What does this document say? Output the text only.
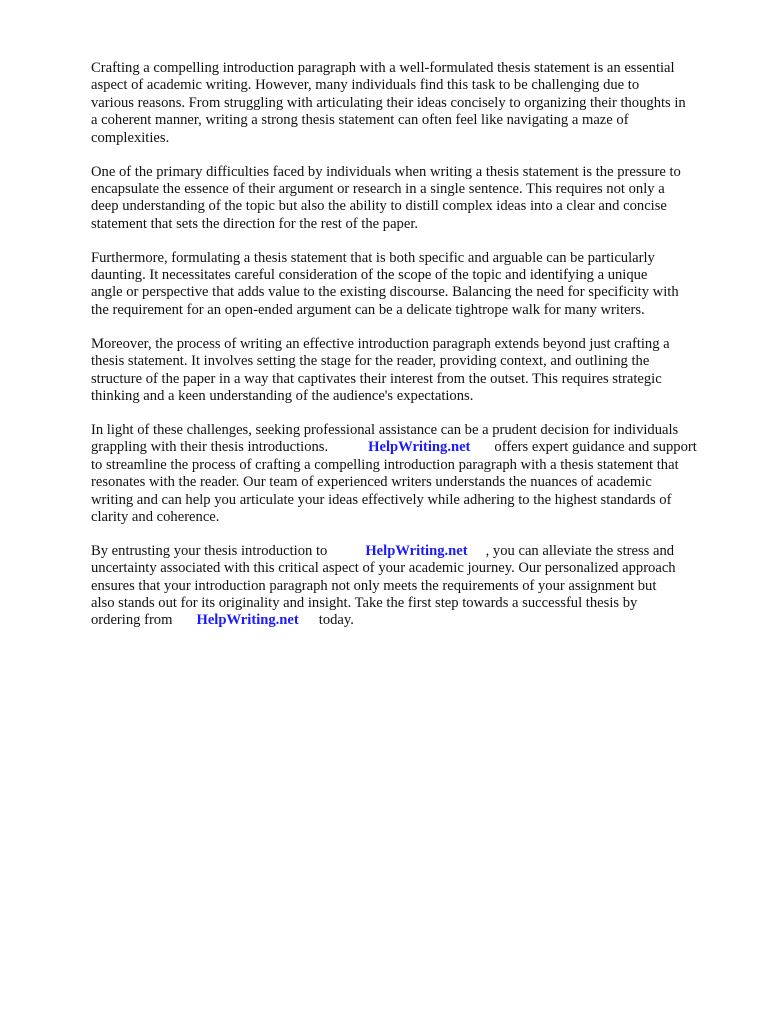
Crafting a compelling introduction paragraph with a well-formulated thesis statement is an essential
aspect of academic writing. However, many individuals find this task to be challenging due to
various reasons. From struggling with articulating their ideas concisely to organizing their thoughts in
a coherent manner, writing a strong thesis statement can often feel like navigating a maze of
complexities.

One of the primary difficulties faced by individuals when writing a thesis statement is the pressure to
encapsulate the essence of their argument or research in a single sentence. This requires not only a
deep understanding of the topic but also the ability to distill complex ideas into a clear and concise
statement that sets the direction for the rest of the paper.

Furthermore, formulating a thesis statement that is both specific and arguable can be particularly
daunting. It necessitates careful consideration of the scope of the topic and identifying a unique
angle or perspective that adds value to the existing discourse. Balancing the need for specificity with
the requirement for an open-ended argument can be a delicate tightrope walk for many writers.

Moreover, the process of writing an effective introduction paragraph extends beyond just crafting a
thesis statement. It involves setting the stage for the reader, providing context, and outlining the
structure of the paper in a way that captivates their interest from the outset. This requires strategic
thinking and a keen understanding of the audience's expectations.

In light of these challenges, seeking professional assistance can be a prudent decision for individuals
grappling with their thesis introductions.	HelpWriting.net offers expert guidance and support
to streamline the process of crafting a compelling introduction paragraph with a thesis statement that
resonates with the reader. Our team of experienced writers understands the nuances of academic
writing and can help you articulate your ideas effectively while adhering to the highest standards of
clarity and coherence.

By entrusting your thesis introduction to	HelpWriting.net , you can alleviate the stress and
uncertainty associated with this critical aspect of your academic journey. Our personalized approach
ensures that your introduction paragraph not only meets the requirements of your assignment but
also stands out for its originality and insight. Take the first step towards a successful thesis by
ordering from HelpWriting.net today.
